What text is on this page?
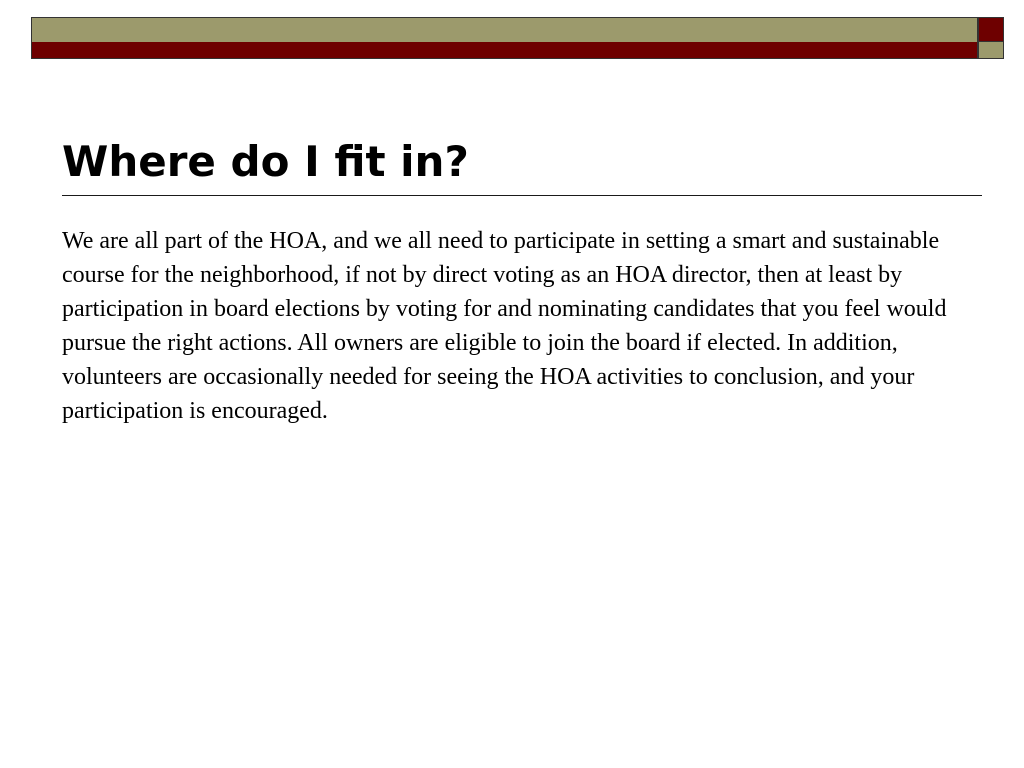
Where do I fit in?

We are all part of the HOA, and we all need to participate in setting a smart and sustainable course for the neighborhood, if not by direct voting as an HOA director, then at least by participation in board elections by voting for and nominating candidates that you feel would pursue the right actions. All owners are eligible to join the board if elected. In addition, volunteers are occasionally needed for seeing the HOA activities to conclusion, and your participation is encouraged.
